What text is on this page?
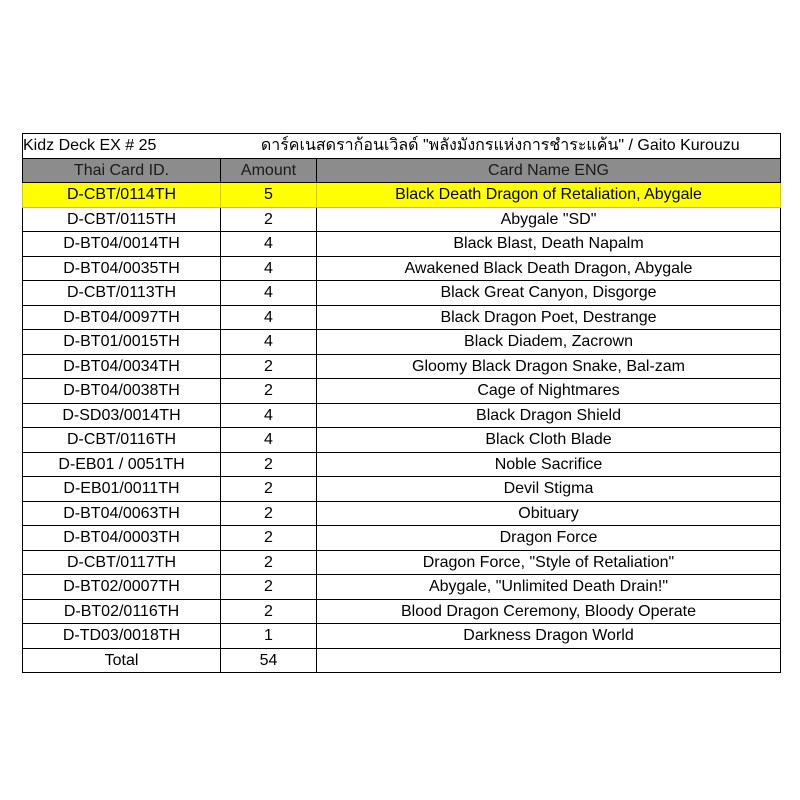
Kidz Deck EX # 25	ดาร์คเนสดราก้อนเวิลด์ "พลังมังกรแห่งการชำระแค้น" / Gaito Kurouzu	
Thai Card ID.	Amount	Card Name ENG
D-CBT/0114TH	5	Black Death Dragon of Retaliation, Abygale
D-CBT/0115TH	2	Abygale "SD"
D-BT04/0014TH	4	Black Blast, Death Napalm
D-BT04/0035TH	4	Awakened Black Death Dragon, Abygale
D-CBT/0113TH	4	Black Great Canyon, Disgorge
D-BT04/0097TH	4	Black Dragon Poet, Destrange
D-BT01/0015TH	4	Black Diadem, Zacrown
D-BT04/0034TH	2	Gloomy Black Dragon Snake, Bal-zam
D-BT04/0038TH	2	Cage of Nightmares
D-SD03/0014TH	4	Black Dragon Shield
D-CBT/0116TH	4	Black Cloth Blade
D-EB01 / 0051TH	2	Noble Sacrifice
D-EB01/0011TH	2	Devil Stigma
D-BT04/0063TH	2	Obituary
D-BT04/0003TH	2	Dragon Force
D-CBT/0117TH	2	Dragon Force, "Style of Retaliation"
D-BT02/0007TH	2	Abygale, "Unlimited Death Drain!"
D-BT02/0116TH	2	Blood Dragon Ceremony, Bloody Operate
D-TD03/0018TH	1	Darkness Dragon World
Total	54	
